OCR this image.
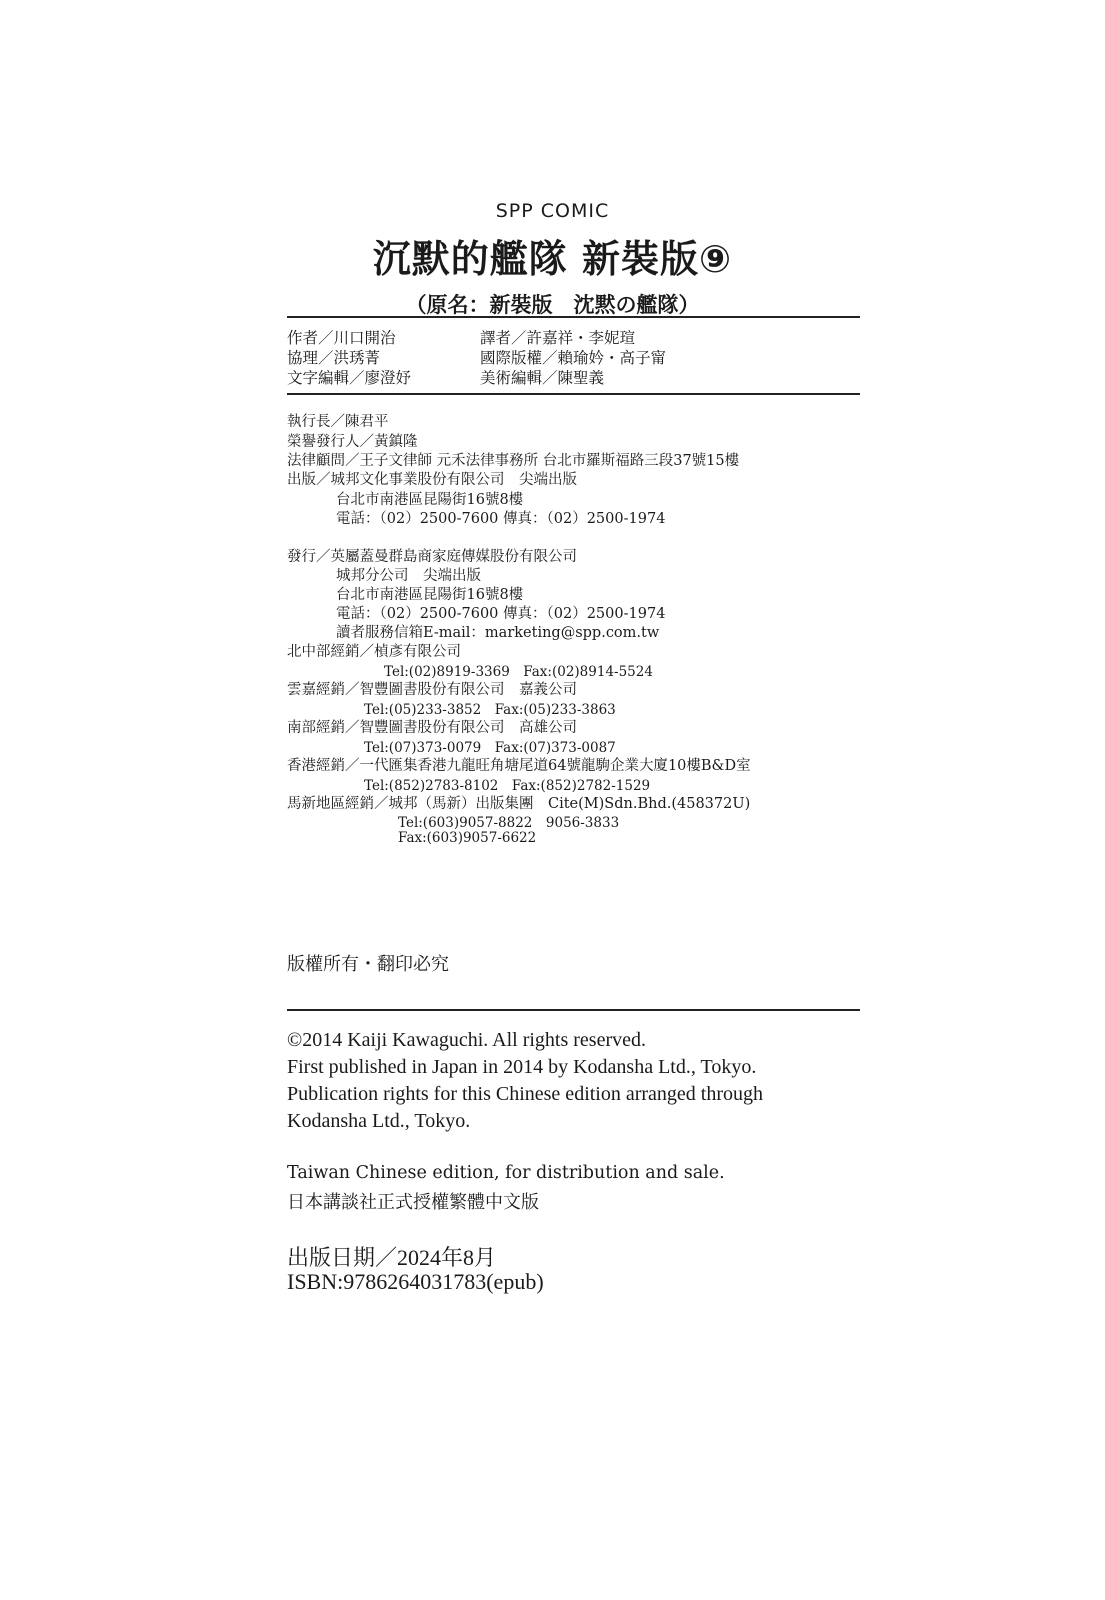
SPP COMIC
沉默的艦隊 新裝版⑨
（原名：新裝版　沈黙の艦隊）
作者／川口開治
協理／洪琇菁
文字編輯／廖澄妤
譯者／許嘉祥・李妮瑄
國際版權／賴瑜妗・高子甯
美術編輯／陳聖義
執行長／陳君平
榮譽發行人／黃鎮隆
法律顧問／王子文律師 元禾法律事務所 台北市羅斯福路三段37號15樓
出版／城邦文化事業股份有限公司　尖端出版
台北市南港區昆陽街16號8樓
電話：（02）2500-7600 傳真：（02）2500-1974
發行／英屬蓋曼群島商家庭傳媒股份有限公司
城邦分公司　尖端出版
台北市南港區昆陽街16號8樓
電話：（02）2500-7600 傳真：（02）2500-1974
讀者服務信箱E-mail：marketing@spp.com.tw
北中部經銷／楨彥有限公司
Tel:(02)8919-3369　Fax:(02)8914-5524
雲嘉經銷／智豐圖書股份有限公司　嘉義公司
Tel:(05)233-3852　Fax:(05)233-3863
南部經銷／智豐圖書股份有限公司　高雄公司
Tel:(07)373-0079　Fax:(07)373-0087
香港經銷／一代匯集香港九龍旺角塘尾道64號龍駒企業大廈10樓B&D室
Tel:(852)2783-8102　Fax:(852)2782-1529
馬新地區經銷／城邦（馬新）出版集團　Cite(M)Sdn.Bhd.(458372U)
Tel:(603)9057-8822　9056-3833
Fax:(603)9057-6622
版權所有・翻印必究
©2014 Kaiji Kawaguchi. All rights reserved.
First published in Japan in 2014 by Kodansha Ltd., Tokyo.
Publication rights for this Chinese edition arranged through
Kodansha Ltd., Tokyo.
Taiwan Chinese edition, for distribution and sale.
日本講談社正式授權繁體中文版
出版日期／2024年8月
ISBN:9786264031783(epub)
